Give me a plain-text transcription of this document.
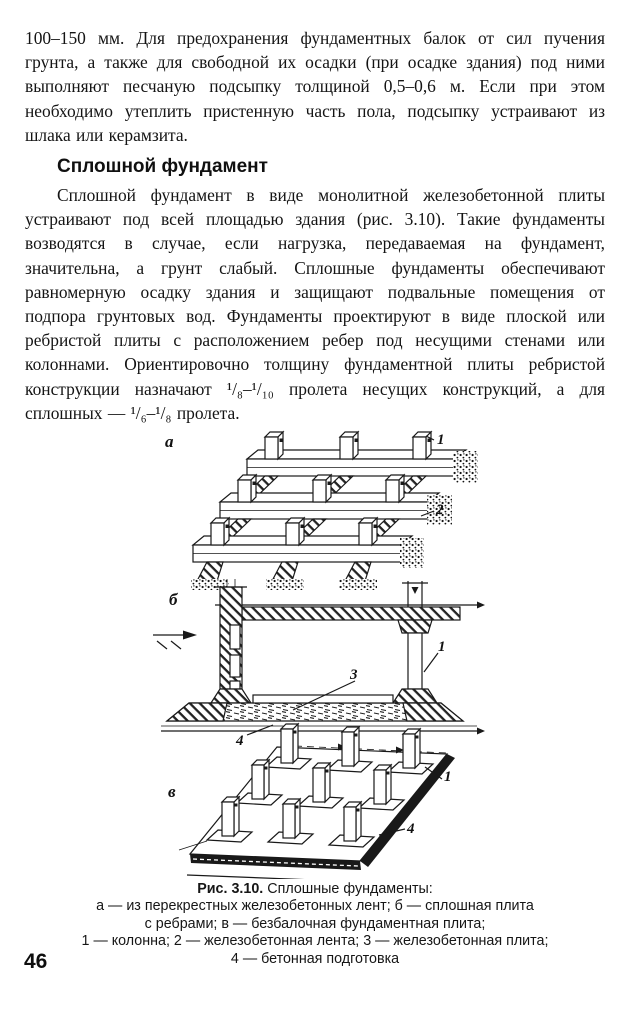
100–150 мм. Для предохранения фундаментных балок от сил пучения грунта, а также для свободной их осадки (при осадке здания) под ними выполняют песчаную подсыпку толщиной 0,5–0,6 м. Если при этом необходимо утеплить пристенную часть пола, подсыпку устраивают из шлака или керамзита.

Сплошной фундамент

Сплошной фундамент в виде монолитной железобетонной плиты устраивают под всей площадью здания (рис. 3.10). Такие фундаменты возводятся в случае, если нагрузка, передаваемая на фундамент, значительна, а грунт слабый. Сплошные фундаменты обеспечивают равномерную осадку здания и защищают подвальные помещения от подпора грунтовых вод. Фундаменты проектируют в виде плоской или ребристой плиты с расположением ребер под несущими стенами или колоннами. Ориентировочно толщину фундаментной плиты ребристой конструкции назначают ¹/₈–¹/₁₀ пролета несущих конструкций, а для сплошных — ¹/₆–¹/₈ пролета.

а	1
2
б
1
3
4
в
1
4
Рис. 3.10. Сплошные фундаменты:
а — из перекрестных железобетонных лент; б — сплошная плита
с ребрами; в — безбалочная фундаментная плита;
1 — колонна; 2 — железобетонная лента; 3 — железобетонная плита;
4 — бетонная подготовка
46
